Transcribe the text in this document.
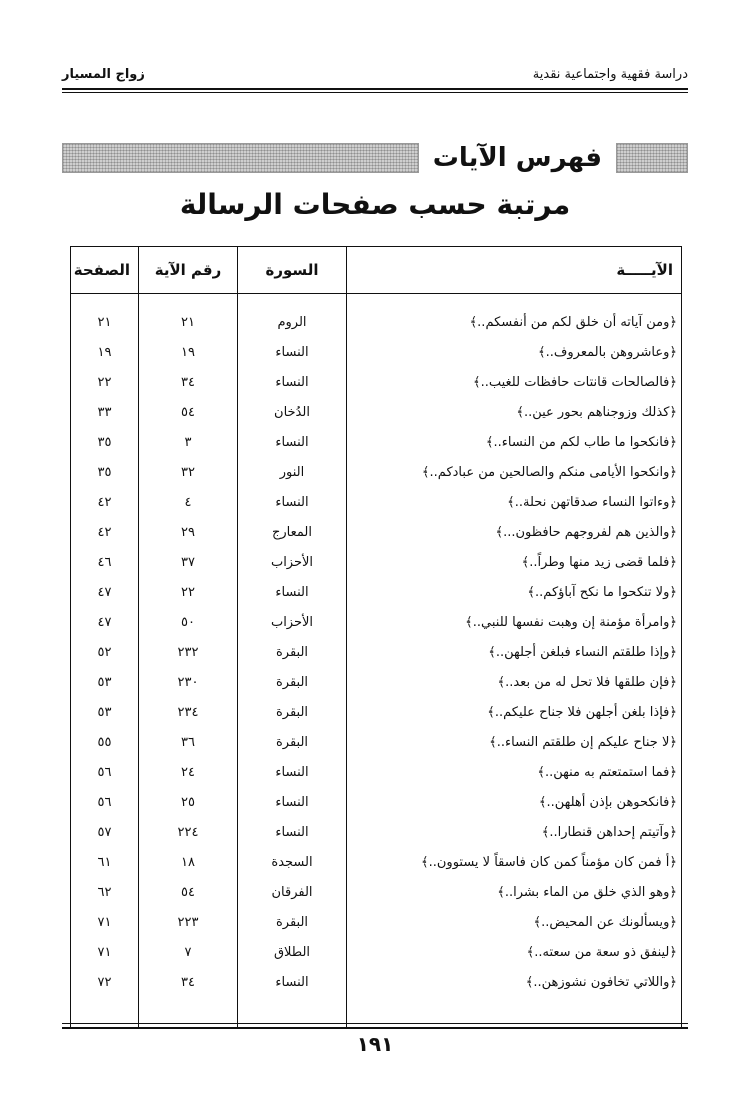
دراسة فقهية واجتماعية نقدية
زواج المسيار
فهرس الآيات
مرتبة حسب صفحات الرسالة
الآيـــــة	السورة	رقم الآية	الصفحة

﴿ومن آياته أن خلق لكم من أنفسكم..﴾	الروم	٢١	٢١
﴿وعاشروهن بالمعروف..﴾	النساء	١٩	١٩
﴿فالصالحات قانتات حافظات للغيب..﴾	النساء	٣٤	٢٢
﴿كذلك وزوجناهم بحور عين..﴾	الدُخان	٥٤	٣٣
﴿فانكحوا ما طاب لكم من النساء..﴾	النساء	٣	٣٥
﴿وانكحوا الأيامى منكم والصالحين من عبادكم..﴾	النور	٣٢	٣٥
﴿وءاتوا النساء صدقاتهن نحلة..﴾	النساء	٤	٤٢
﴿والذين هم لفروجهم حافظون...﴾	المعارج	٢٩	٤٢
﴿فلما قضى زيد منها وطراً..﴾	الأحزاب	٣٧	٤٦
﴿ولا تنكحوا ما نكح آباؤكم..﴾	النساء	٢٢	٤٧
﴿وامرأة مؤمنة إن وهبت نفسها للنبي..﴾	الأحزاب	٥٠	٤٧
﴿وإذا طلقتم النساء فبلغن أجلهن..﴾	البقرة	٢٣٢	٥٢
﴿فإن طلقها فلا تحل له من بعد..﴾	البقرة	٢٣٠	٥٣
﴿فإذا بلغن أجلهن فلا جناح عليكم..﴾	البقرة	٢٣٤	٥٣
﴿لا جناح عليكم إن طلقتم النساء..﴾	البقرة	٣٦	٥٥
﴿فما استمتعتم به منهن..﴾	النساء	٢٤	٥٦
﴿فانكحوهن بإذن أهلهن..﴾	النساء	٢٥	٥٦
﴿وآتيتم إحداهن قنطارا..﴾	النساء	٢٢٤	٥٧
﴿أ فمن كان مؤمناً كمن كان فاسقاً لا يستوون..﴾	السجدة	١٨	٦١
﴿وهو الذي خلق من الماء بشرا..﴾	الفرقان	٥٤	٦٢
﴿ويسألونك عن المحيض..﴾	البقرة	٢٢٣	٧١
﴿لينفق ذو سعة من سعته..﴾	الطلاق	٧	٧١
﴿واللاتي تخافون نشوزهن..﴾	النساء	٣٤	٧٢

١٩١
